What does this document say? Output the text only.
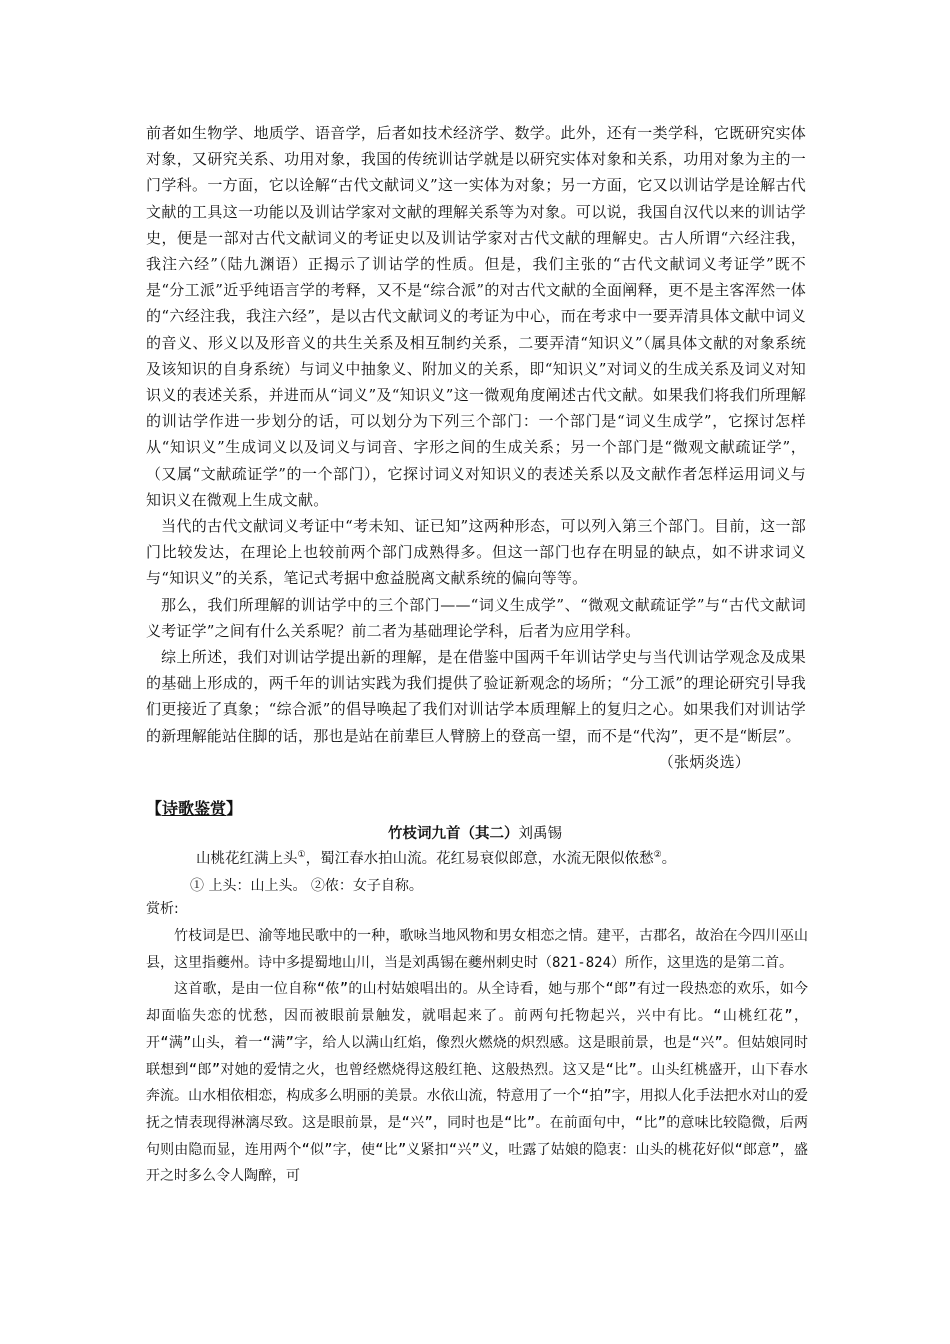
前者如生物学、地质学、语音学，后者如技术经济学、数学。此外，还有一类学科，它既研究实体对象，又研究关系、功用对象，我国的传统训诂学就是以研究实体对象和关系，功用对象为主的一门学科。一方面，它以诠解“古代文献词义”这一实体为对象；另一方面，它又以训诂学是诠解古代文献的工具这一功能以及训诂学家对文献的理解关系等为对象。可以说，我国自汉代以来的训诂学史，便是一部对古代文献词义的考证史以及训诂学家对古代文献的理解史。古人所谓“六经注我，我注六经”（陆九渊语）正揭示了训诂学的性质。但是，我们主张的“古代文献词义考证学”既不是“分工派”近乎纯语言学的考释，又不是“综合派”的对古代文献的全面阐释，更不是主客浑然一体的“六经注我，我注六经”，是以古代文献词义的考证为中心，而在考求中一要弄清具体文献中词义的音义、形义以及形音义的共生关系及相互制约关系，二要弄清“知识义”（属具体文献的对象系统及该知识的自身系统）与词义中抽象义、附加义的关系，即“知识义”对词义的生成关系及词义对知识义的表述关系，并进而从“词义”及“知识义”这一微观角度阐述古代文献。如果我们将我们所理解的训诂学作进一步划分的话，可以划分为下列三个部门：一个部门是“词义生成学”，它探讨怎样从“知识义”生成词义以及词义与词音、字形之间的生成关系；另一个部门是“微观文献疏证学”，（又属“文献疏证学”的一个部门），它探讨词义对知识义的表述关系以及文献作者怎样运用词义与知识义在微观上生成文献。

当代的古代文献词义考证中“考未知、证已知”这两种形态，可以列入第三个部门。目前，这一部门比较发达，在理论上也较前两个部门成熟得多。但这一部门也存在明显的缺点，如不讲求词义与“知识义”的关系，笔记式考据中愈益脱离文献系统的偏向等等。

那么，我们所理解的训诂学中的三个部门——“词义生成学”、“微观文献疏证学”与“古代文献词义考证学”之间有什么关系呢？前二者为基础理论学科，后者为应用学科。

综上所述，我们对训诂学提出新的理解，是在借鉴中国两千年训诂学史与当代训诂学观念及成果的基础上形成的，两千年的训诂实践为我们提供了验证新观念的场所；“分工派”的理论研究引导我们更接近了真象；“综合派”的倡导唤起了我们对训诂学本质理解上的复归之心。如果我们对训诂学的新理解能站住脚的话，那也是站在前辈巨人臂膀上的登高一望，而不是“代沟”，更不是“断层”。
（张炳炎选）

【诗歌鉴赏】
竹枝词九首（其二）刘禹锡
山桃花红满上头①，蜀江春水拍山流。花红易衰似郎意，水流无限似侬愁②。
① 上头：山上头。 ②侬：女子自称。
赏析:

竹枝词是巴、渝等地民歌中的一种，歌咏当地风物和男女相恋之情。建平，古郡名，故治在今四川巫山县，这里指夔州。诗中多提蜀地山川，当是刘禹锡在夔州刺史时（821-824）所作，这里选的是第二首。

这首歌，是由一位自称“侬”的山村姑娘唱出的。从全诗看，她与那个“郎”有过一段热恋的欢乐，如今却面临失恋的忧愁，因而被眼前景触发，就唱起来了。前两句托物起兴，兴中有比。“山桃红花”，开“满”山头，着一“满”字，给人以满山红焰，像烈火燃烧的炽烈感。这是眼前景，也是“兴”。但姑娘同时联想到“郎”对她的爱情之火，也曾经燃烧得这般红艳、这般热烈。这又是“比”。山头红桃盛开，山下春水奔流。山水相依相恋，构成多么明丽的美景。水依山流，特意用了一个“拍”字，用拟人化手法把水对山的爱抚之情表现得淋漓尽致。这是眼前景，是“兴”，同时也是“比”。在前面句中，“比”的意味比较隐微，后两句则由隐而显，连用两个“似”字，使“比”义紧扣“兴”义，吐露了姑娘的隐衷：山头的桃花好似“郎意”，盛开之时多么令人陶醉，可
